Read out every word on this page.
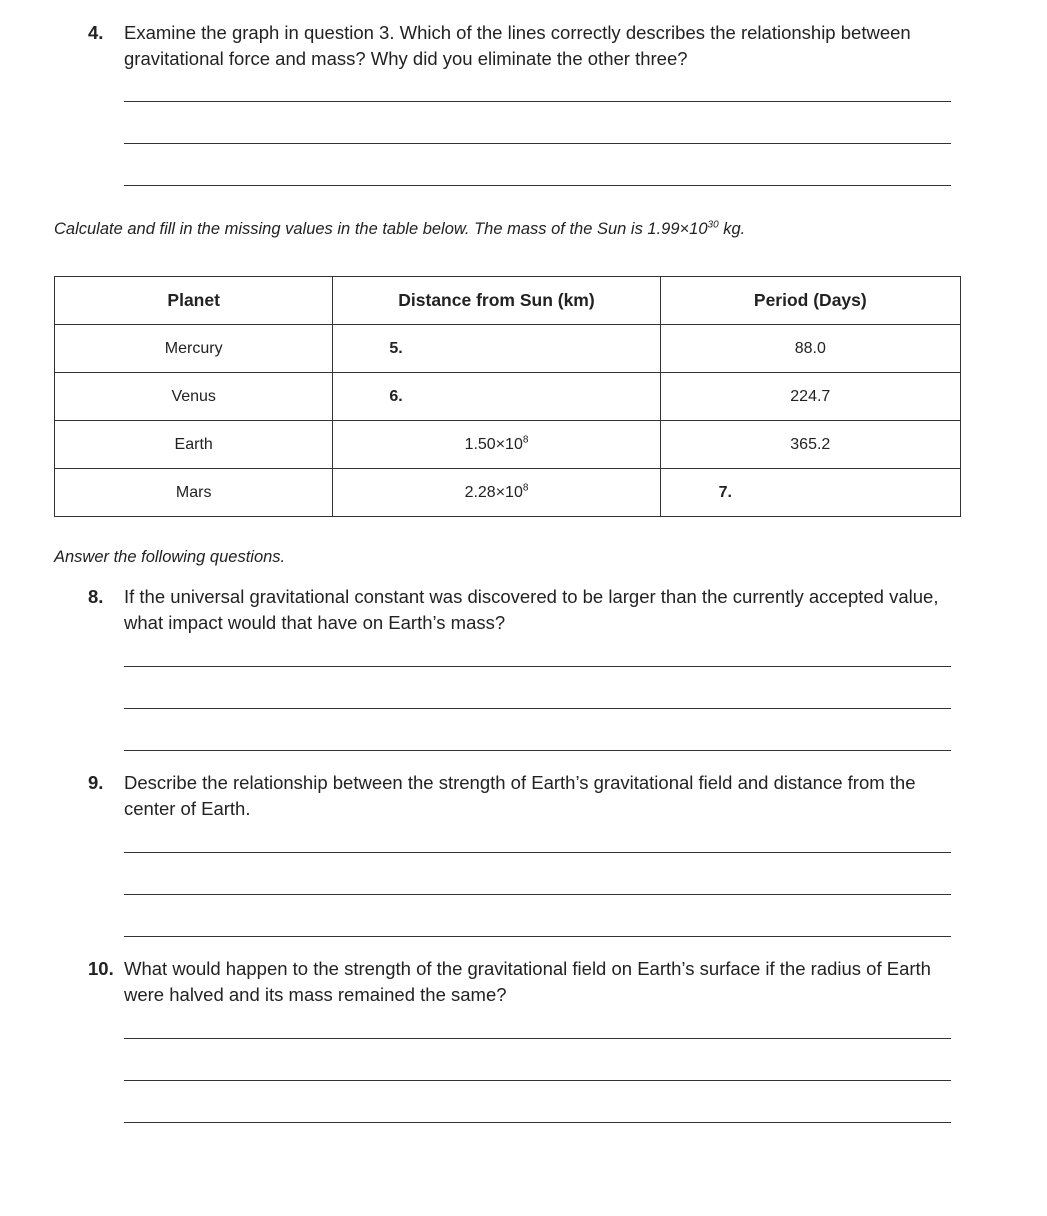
4. Examine the graph in question 3. Which of the lines correctly describes the relationship between gravitational force and mass? Why did you eliminate the other three?
Calculate and fill in the missing values in the table below. The mass of the Sun is $1.99\times 10^{30}$ kg.
Planet	Distance from Sun (km)	Period (Days)
Mercury	5.	88.0
Venus	6.	224.7
Earth	$1.50\times 10^8$	365.2
Mars	$2.28\times 10^8$	7.
Answer the following questions.
8. If the universal gravitational constant was discovered to be larger than the currently accepted value, what impact would that have on Earth’s mass?
9. Describe the relationship between the strength of Earth’s gravitational field and distance from the center of Earth.
10. What would happen to the strength of the gravitational field on Earth’s surface if the radius of Earth were halved and its mass remained the same?
